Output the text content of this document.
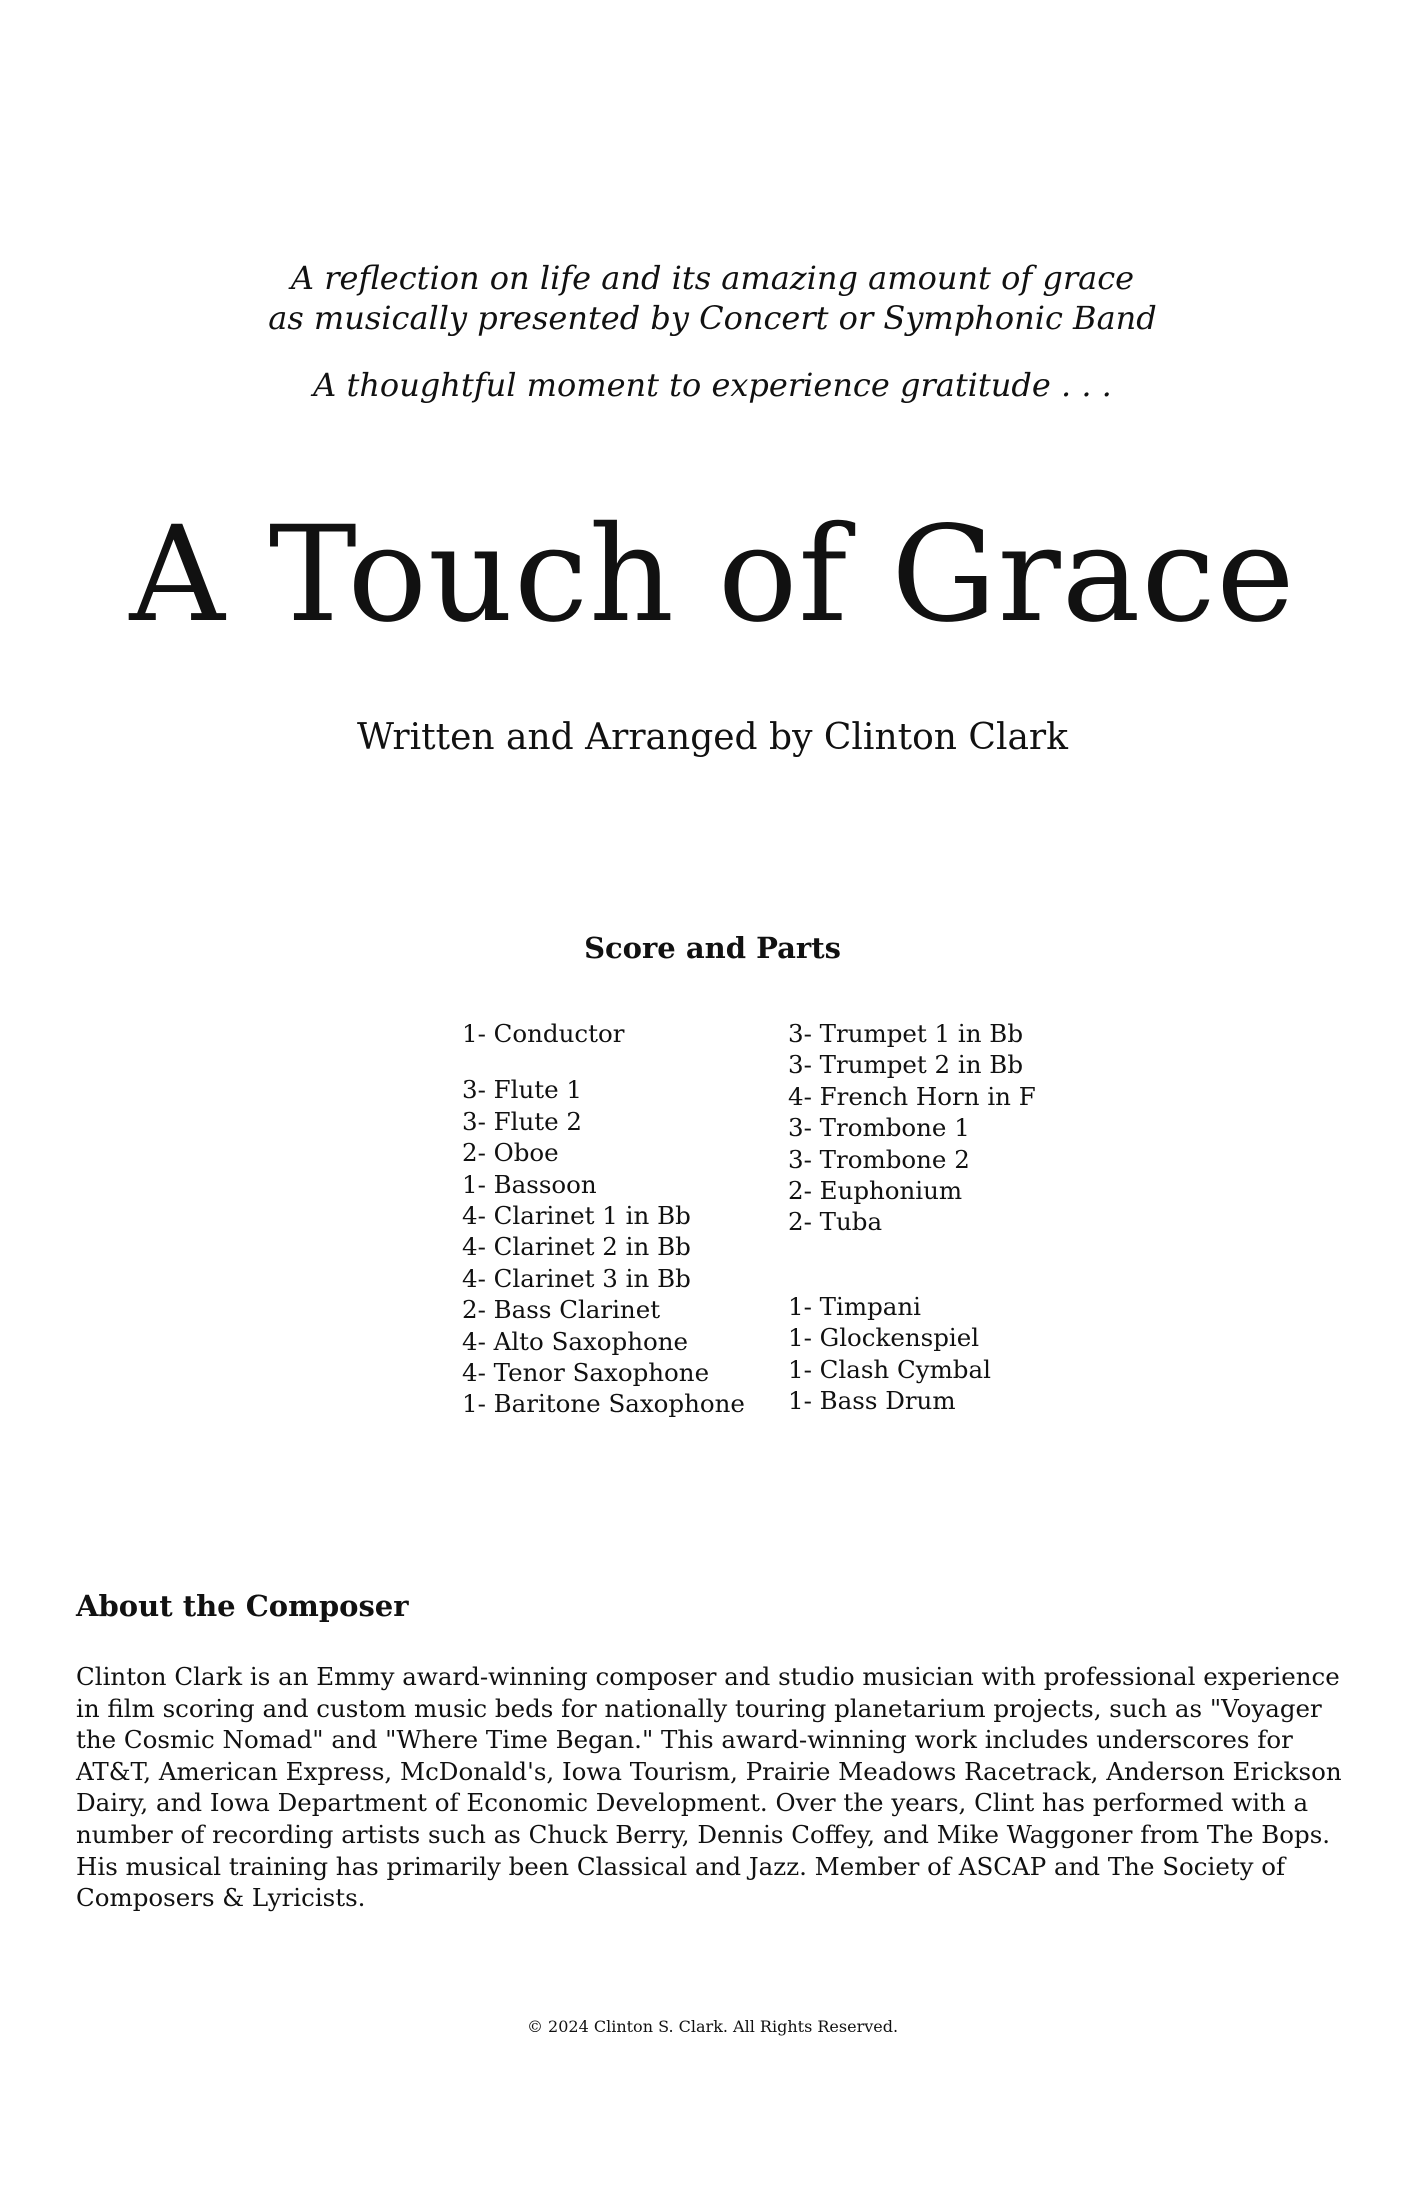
A reflection on life and its amazing amount of grace
as musically presented by Concert or Symphonic Band
A thoughtful moment to experience gratitude . . .
A Touch of Grace
Written and Arranged by Clinton Clark
Score and Parts
1- Conductor
3- Flute 1
3- Flute 2
2- Oboe
1- Bassoon
4- Clarinet 1 in Bb
4- Clarinet 2 in Bb
4- Clarinet 3 in Bb
2- Bass Clarinet
4- Alto Saxophone
4- Tenor Saxophone
1- Baritone Saxophone
3- Trumpet 1 in Bb
3- Trumpet 2 in Bb
4- French Horn in F
3- Trombone 1
3- Trombone 2
2- Euphonium
2- Tuba
1- Timpani
1- Glockenspiel
1- Clash Cymbal
1- Bass Drum
About the Composer

Clinton Clark is an Emmy award-winning composer and studio musician with professional experience in film scoring and custom music beds for nationally touring planetarium projects, such as "Voyager the Cosmic Nomad" and "Where Time Began." This award-winning work includes underscores for AT&T, American Express, McDonald's, Iowa Tourism, Prairie Meadows Racetrack, Anderson Erickson Dairy, and Iowa Department of Economic Development. Over the years, Clint has performed with a number of recording artists such as Chuck Berry, Dennis Coffey, and Mike Waggoner from The Bops. His musical training has primarily been Classical and Jazz. Member of ASCAP and The Society of Composers & Lyricists.

© 2024 Clinton S. Clark. All Rights Reserved.
